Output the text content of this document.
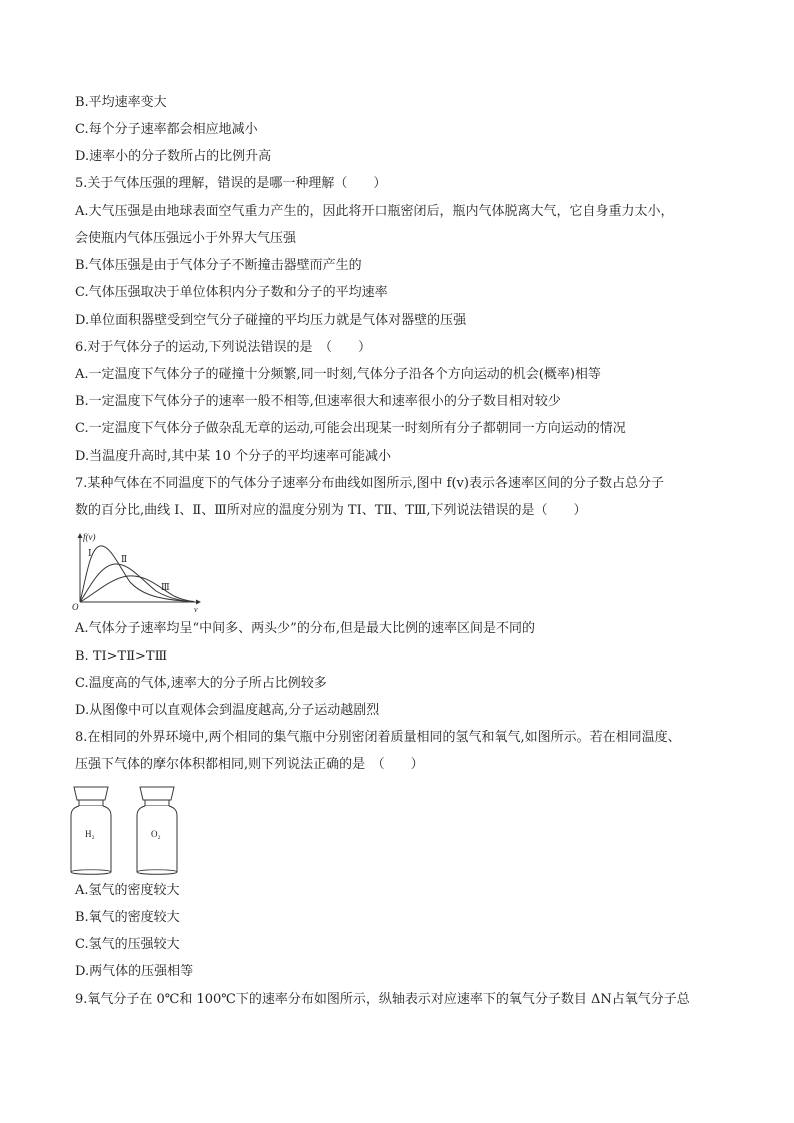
B.平均速率变大
C.每个分子速率都会相应地减小
D.速率小的分子数所占的比例升高
5.关于气体压强的理解，错误的是哪一种理解（　　）
A.大气压强是由地球表面空气重力产生的，因此将开口瓶密闭后，瓶内气体脱离大气，它自身重力太小，
会使瓶内气体压强远小于外界大气压强
B.气体压强是由于气体分子不断撞击器壁而产生的
C.气体压强取决于单位体积内分子数和分子的平均速率
D.单位面积器壁受到空气分子碰撞的平均压力就是气体对器壁的压强
6.对于气体分子的运动,下列说法错误的是　（　　）
A.一定温度下气体分子的碰撞十分频繁,同一时刻,气体分子沿各个方向运动的机会(概率)相等
B.一定温度下气体分子的速率一般不相等,但速率很大和速率很小的分子数目相对较少
C.一定温度下气体分子做杂乱无章的运动,可能会出现某一时刻所有分子都朝同一方向运动的情况
D.当温度升高时,其中某 10 个分子的平均速率可能减小
7.某种气体在不同温度下的气体分子速率分布曲线如图所示,图中 f(v)表示各速率区间的分子数占总分子
数的百分比,曲线 Ⅰ、Ⅱ、Ⅲ所对应的温度分别为 TⅠ、TⅡ、TⅢ,下列说法错误的是（　　）
f(v)
v
O
Ⅰ
Ⅱ
Ⅲ
A.气体分子速率均呈“中间多、两头少”的分布,但是最大比例的速率区间是不同的
B. TⅠ>TⅡ>TⅢ
C.温度高的气体,速率大的分子所占比例较多
D.从图像中可以直观体会到温度越高,分子运动越剧烈
8.在相同的外界环境中,两个相同的集气瓶中分别密闭着质量相同的氢气和氧气,如图所示。若在相同温度、
压强下气体的摩尔体积都相同,则下列说法正确的是　（　　）
H₂	O₂
A.氢气的密度较大
B.氧气的密度较大
C.氢气的压强较大
D.两气体的压强相等
9.氧气分子在 0℃和 100℃下的速率分布如图所示，纵轴表示对应速率下的氧气分子数目 ΔN占氧气分子总
